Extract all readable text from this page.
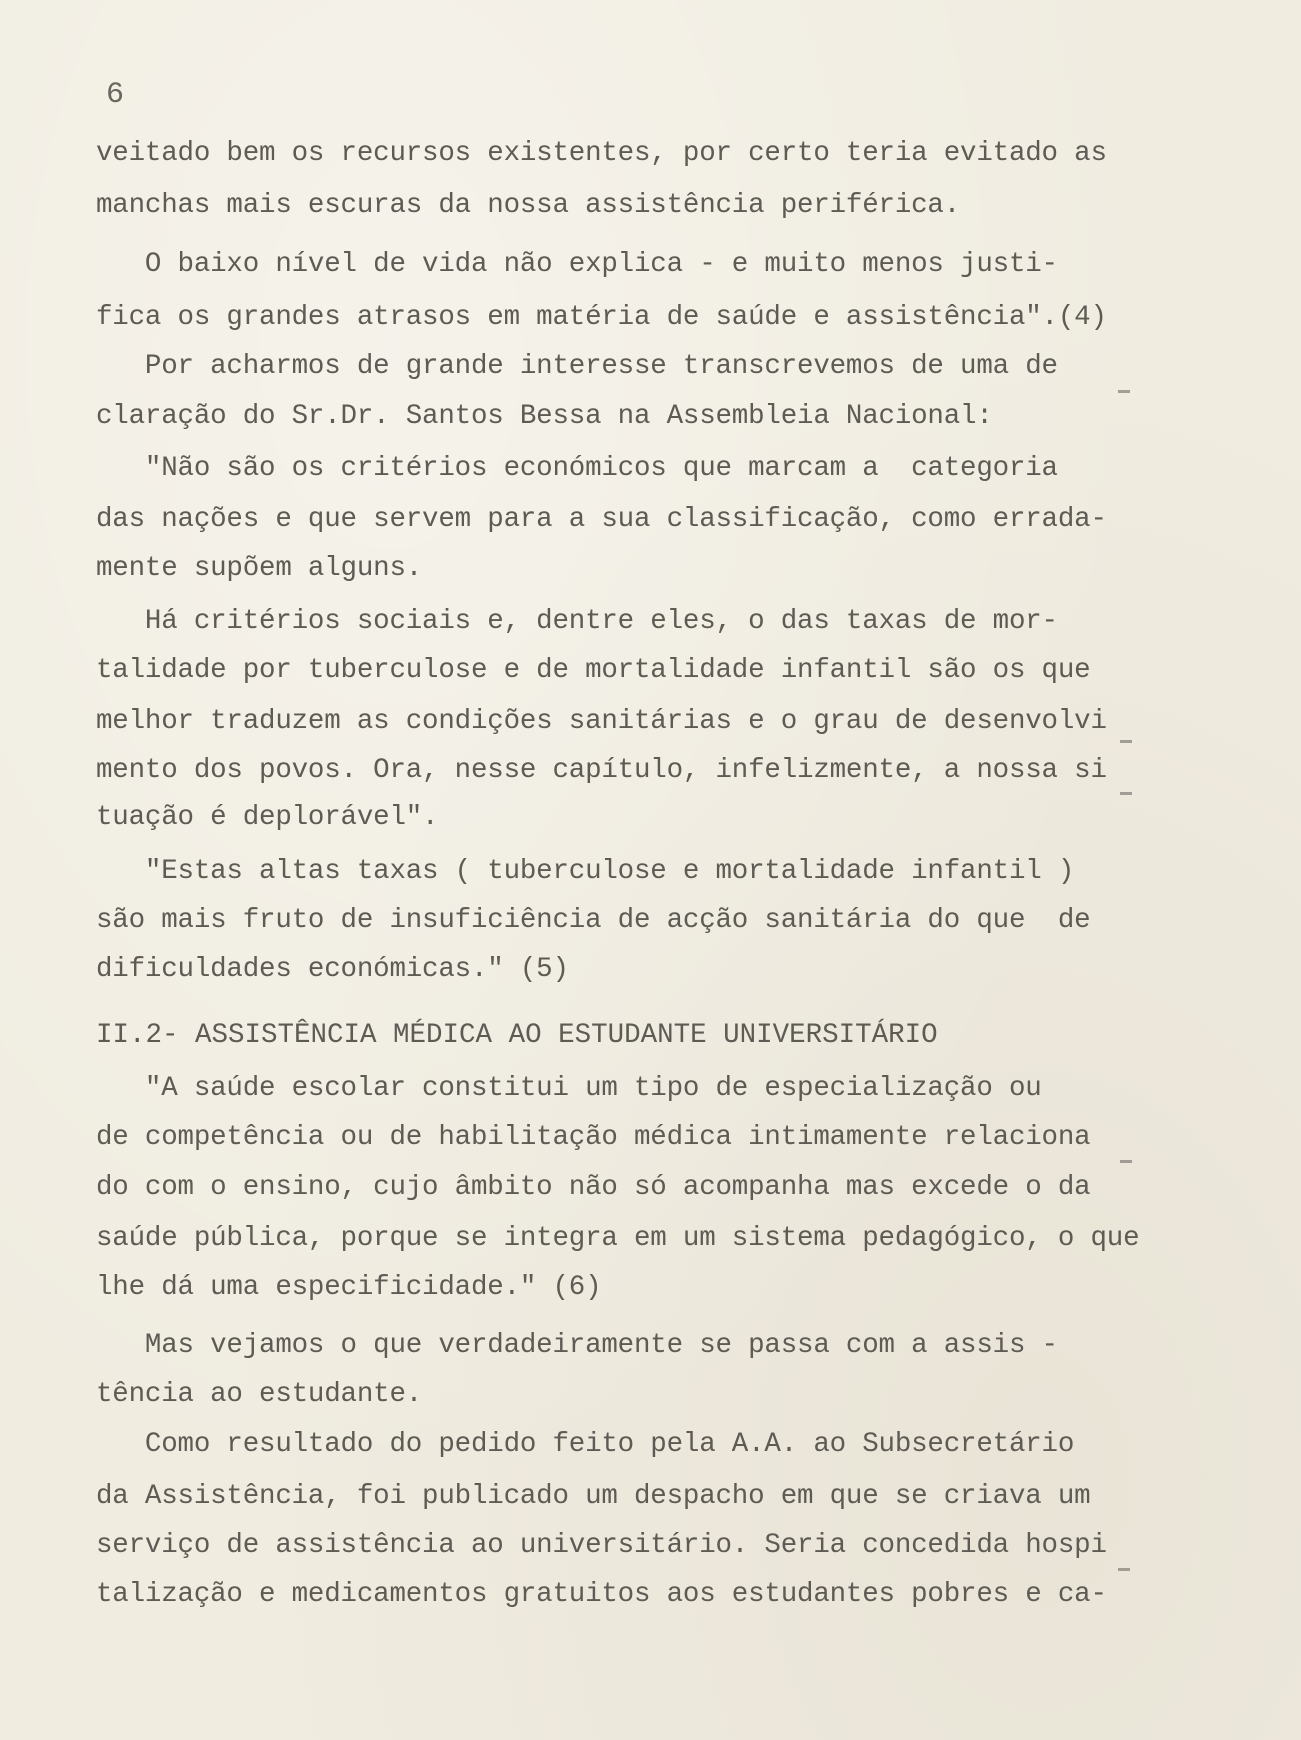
6
veitado bem os recursos existentes, por certo teria evitado as
manchas mais escuras da nossa assistência periférica.
O baixo nível de vida não explica - e muito menos justi-
fica os grandes atrasos em matéria de saúde e assistência".(4)
Por acharmos de grande interesse transcrevemos de uma de
claração do Sr.Dr. Santos Bessa na Assembleia Nacional:
"Não são os critérios económicos que marcam a  categoria
das nações e que servem para a sua classificação, como errada-
mente supõem alguns.
Há critérios sociais e, dentre eles, o das taxas de mor-
talidade por tuberculose e de mortalidade infantil são os que
melhor traduzem as condições sanitárias e o grau de desenvolvi
mento dos povos. Ora, nesse capítulo, infelizmente, a nossa si
tuação é deplorável".
"Estas altas taxas ( tuberculose e mortalidade infantil )
são mais fruto de insuficiência de acção sanitária do que  de
dificuldades económicas." (5)
II.2- ASSISTÊNCIA MÉDICA AO ESTUDANTE UNIVERSITÁRIO
"A saúde escolar constitui um tipo de especialização ou
de competência ou de habilitação médica intimamente relaciona
do com o ensino, cujo âmbito não só acompanha mas excede o da
saúde pública, porque se integra em um sistema pedagógico, o que
lhe dá uma especificidade." (6)
Mas vejamos o que verdadeiramente se passa com a assis -
tência ao estudante.
Como resultado do pedido feito pela A.A. ao Subsecretário
da Assistência, foi publicado um despacho em que se criava um
serviço de assistência ao universitário. Seria concedida hospi
talização e medicamentos gratuitos aos estudantes pobres e ca-
